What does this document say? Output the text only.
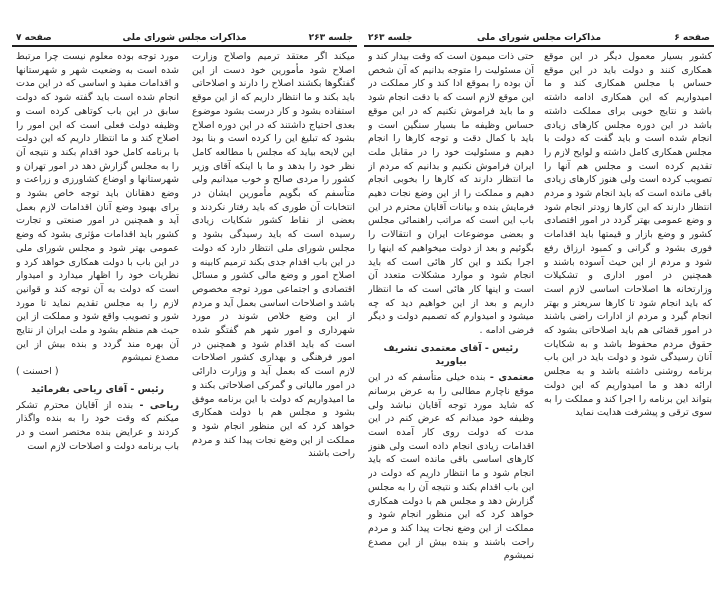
جلسه ۲۶۳
مذاکرات مجلس شورای ملی
صفحه ۷

میکند اگر معتقد ترمیم واصلاح وزارت اصلاح شود مأمورین خود دست از این گفتگوها بکشند اصلاح را دارند و اصلاحاتی باید بکند و ما انتظار داریم که از این موقع استفاده بشود و کار درست بشود موضوع بعدی احتیاج داشتند که در این دوره اصلاح بشود که تبلیغ این را کرده است و بنا بود این لایحه بیاید که مجلس با مطالعه کامل نظر خود را بدهد و ما با اینکه آقای وزیر کشور را مردی صالح و خوب میدانیم ولی متأسفم که بگویم مأمورین ایشان در انتخابات آن طوری که باید رفتار نکردند و بعضی از نقاط کشور شکایات زیادی رسیده است که باید رسیدگی بشود و مجلس شورای ملی انتظار دارد که دولت در این باب اقدام جدی بکند ترمیم کابینه و اصلاح امور و وضع مالی کشور و مسائل اقتصادی و اجتماعی مورد توجه مخصوص باشد و اصلاحات اساسی بعمل آید و مردم از این وضع خلاص شوند در مورد شهرداری و امور شهر هم گفتگو شده است که باید اقدام شود و همچنین در امور فرهنگی و بهداری کشور اصلاحات لازم است که بعمل آید و وزارت دارائی در امور مالیاتی و گمرکی اصلاحاتی بکند و ما امیدواریم که دولت با این برنامه موفق بشود و مجلس هم با دولت همکاری خواهد کرد که این منظور انجام شود و مملکت از این وضع نجات پیدا کند و مردم راحت باشند

مورد توجه بوده معلوم نیست چرا مرتبط شده است به وضعیت شهر و شهرستانها و اقدامات مفید و اساسی که در این مدت انجام شده است باید گفته شود که دولت سابق در این باب کوتاهی کرده است و وظیفه دولت فعلی است که این امور را اصلاح کند و ما انتظار داریم که این دولت با برنامه کامل خود اقدام بکند و نتیجه آن را به مجلس گزارش دهد در امور تهران و شهرستانها و اوضاع کشاورزی و زراعت و وضع دهقانان باید توجه خاص بشود و برای بهبود وضع آنان اقدامات لازم بعمل آید و همچنین در امور صنعتی و تجارت کشور باید اقدامات مؤثری بشود که وضع عمومی بهتر شود و مجلس شورای ملی در این باب با دولت همکاری خواهد کرد و نظریات خود را اظهار میدارد و امیدوار است که دولت به آن توجه کند و قوانین لازم را به مجلس تقدیم نماید تا مورد شور و تصویب واقع شود و مملکت از این حیث هم منظم بشود و ملت ایران از نتایج آن بهره مند گردد و بنده بیش از این مصدع نمیشوم

( احسنت )

رئیس - آقای ریاحی بفرمائید

ریاحی - بنده از آقایان محترم تشکر میکنم که وقت خود را به بنده واگذار کردند و عرایض بنده مختصر است و در باب برنامه دولت و اصلاحات لازم است

صفحه ۶
مذاکرات مجلس شورای ملی
جلسه ۲۶۳

کشور بسیار معمول دیگر در این موقع همکاری کنند و دولت باید در این موقع حساس با مجلس همکاری کند و ما امیدواریم که این همکاری ادامه داشته باشد و نتایج خوبی برای مملکت داشته باشد در این دوره مجلس کارهای زیادی انجام شده است و باید گفت که دولت با مجلس همکاری کامل داشته و لوایح لازم را تقدیم کرده است و مجلس هم آنها را تصویب کرده است ولی هنوز کارهای زیادی باقی مانده است که باید انجام شود و مردم انتظار دارند که این کارها زودتر انجام شود و وضع عمومی بهتر گردد در امور اقتصادی کشور و وضع بازار و قیمتها باید اقدامات فوری بشود و گرانی و کمبود ارزاق رفع شود و مردم از این حیث آسوده باشند و همچنین در امور اداری و تشکیلات وزارتخانه ها اصلاحات اساسی لازم است که باید انجام شود تا کارها سریعتر و بهتر انجام گیرد و مردم از ادارات راضی باشند در امور قضائی هم باید اصلاحاتی بشود که حقوق مردم محفوظ باشد و به شکایات آنان رسیدگی شود و دولت باید در این باب برنامه روشنی داشته باشد و به مجلس ارائه دهد و ما امیدواریم که این دولت بتواند این برنامه را اجرا کند و مملکت را به سوی ترقی و پیشرفت هدایت نماید

حتی ذات میمون است که وقت بیدار کند و آن مسئولیت را متوجه بدانیم که آن شخص آن بوده را بموقع ادا کند و کار مملکت در این موقع لازم است که با دقت انجام شود و ما باید فراموش نکنیم که در این موقع حساس وظیفه ما بسیار سنگین است و باید با کمال دقت و توجه کارها را انجام دهیم و مسئولیت خود را در مقابل ملت ایران فراموش نکنیم و بدانیم که مردم از ما انتظار دارند که کارها را بخوبی انجام دهیم و مملکت را از این وضع نجات دهیم فرمایش بنده و بیانات آقایان محترم در این باب این است که مراتب راهنمائی مجلس و بعضی موضوعات ایران و انتقالات را بگوئیم و بعد از دولت میخواهیم که اینها را اجرا بکند و این کار هائی است که باید انجام شود و موارد مشکلات متعدد آن است و اینها کار هائی است که ما انتظار داریم و بعد از این خواهیم دید که چه میشود و امیدوارم که تصمیم دولت و دیگر فرضی ادامه .

رئیس - آقای معتمدی تشریف بیاورید

معتمدی - بنده خیلی متأسفم که در این موقع ناچارم مطالبی را به عرض برسانم که شاید مورد توجه آقایان نباشد ولی وظیفه خود میدانم که عرض کنم در این مدت که دولت روی کار آمده است اقدامات زیادی انجام داده است ولی هنوز کارهای اساسی باقی مانده است که باید انجام شود و ما انتظار داریم که دولت در این باب اقدام بکند و نتیجه آن را به مجلس گزارش دهد و مجلس هم با دولت همکاری خواهد کرد که این منظور انجام شود و مملکت از این وضع نجات پیدا کند و مردم راحت باشند و بنده بیش از این مصدع نمیشوم
